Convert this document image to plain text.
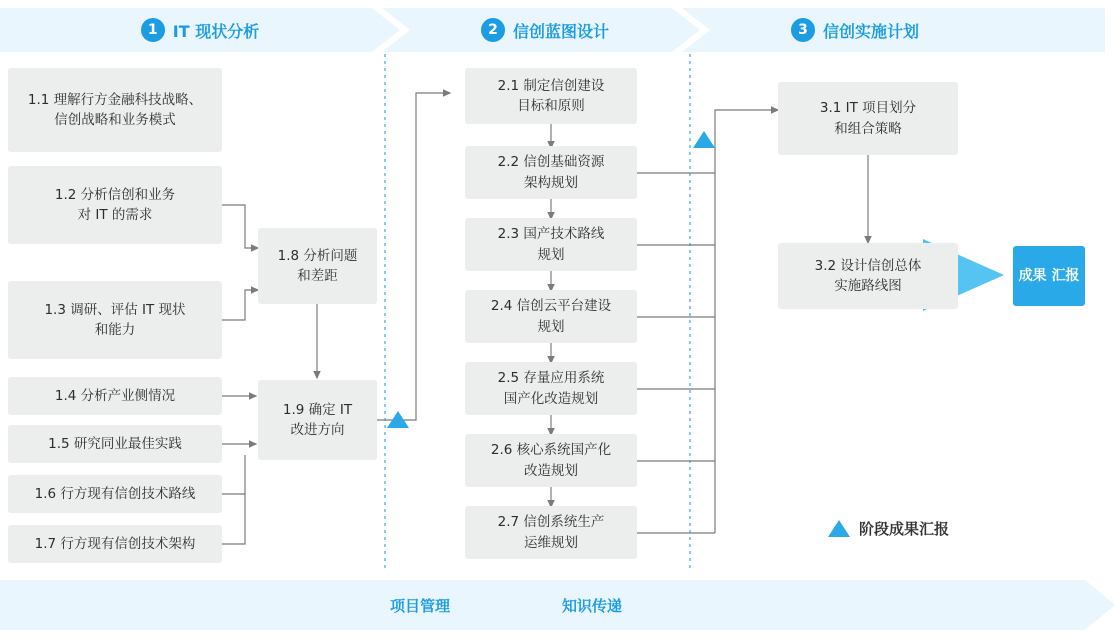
1 IT 现状分析	2 信创蓝图设计	3 信创实施计划
1.1 理解行方金融科技战略、
信创战略和业务模式
1.2 分析信创和业务
对 IT 的需求
1.3 调研、评估 IT 现状
和能力
1.4 分析产业侧情况
1.5 研究同业最佳实践
1.6 行方现有信创技术路线
1.7 行方现有信创技术架构
1.8 分析问题
和差距
1.9 确定 IT
改进方向
2.1 制定信创建设
目标和原则
2.2 信创基础资源
架构规划
2.3 国产技术路线
规划
2.4 信创云平台建设
规划
2.5 存量应用系统
国产化改造规划
2.6 核心系统国产化
改造规划
2.7 信创系统生产
运维规划
3.1 IT 项目划分
和组合策略
3.2 设计信创总体
实施路线图
成果 汇报
阶段成果汇报
项目管理	知识传递
